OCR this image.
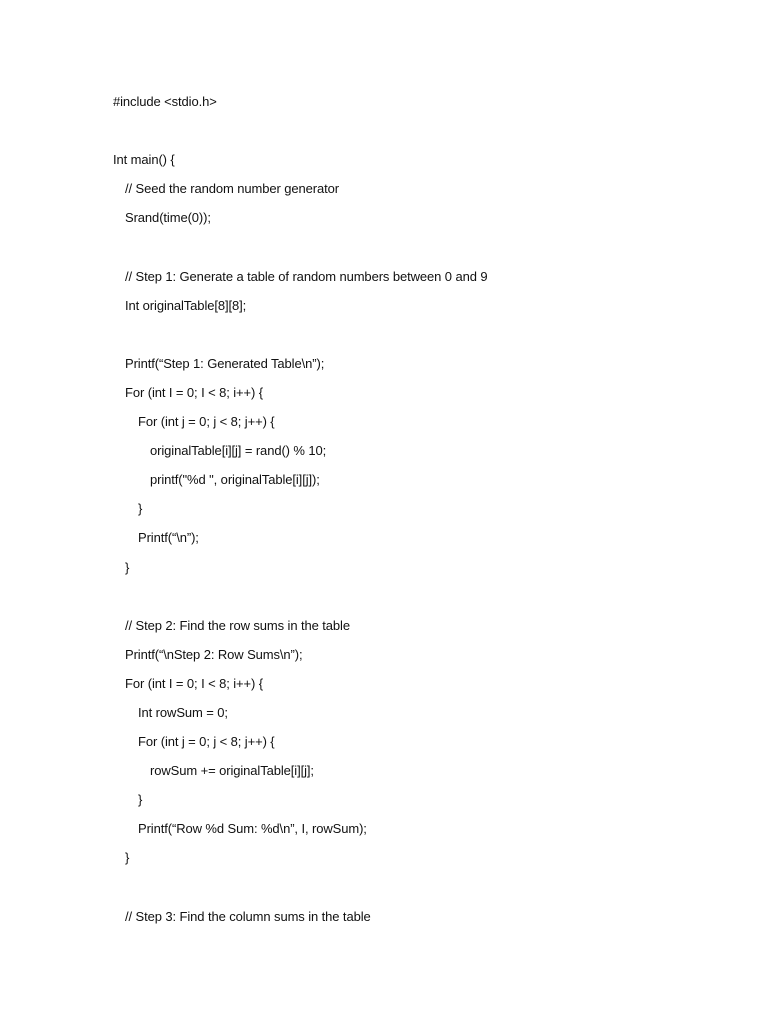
#include <stdio.h>
Int main() {
// Seed the random number generator
Srand(time(0));
// Step 1: Generate a table of random numbers between 0 and 9
Int originalTable[8][8];
Printf(“Step 1: Generated Table\n”);
For (int I = 0; I < 8; i++) {
For (int j = 0; j < 8; j++) {
originalTable[i][j] = rand() % 10;
printf("%d ", originalTable[i][j]);
}
Printf(“\n”);
}
// Step 2: Find the row sums in the table
Printf(“\nStep 2: Row Sums\n”);
For (int I = 0; I < 8; i++) {
Int rowSum = 0;
For (int j = 0; j < 8; j++) {
rowSum += originalTable[i][j];
}
Printf(“Row %d Sum: %d\n”, I, rowSum);
}
// Step 3: Find the column sums in the table
